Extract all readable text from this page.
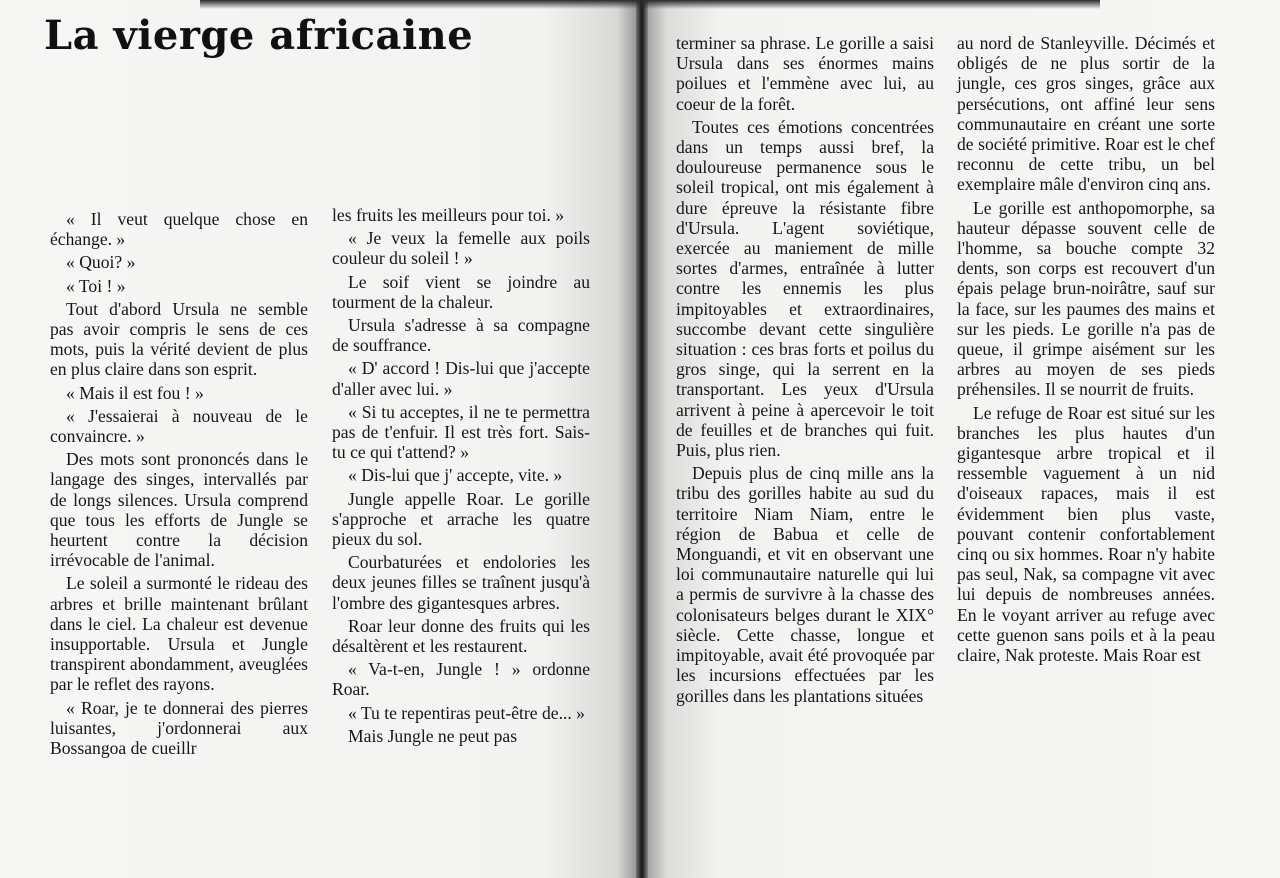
La vierge africaine

« Il veut quelque chose en échange. »

« Quoi? »

« Toi ! »

Tout d'abord Ursula ne semble pas avoir compris le sens de ces mots, puis la vérité devient de plus en plus claire dans son esprit.

« Mais il est fou ! »

« J'essaierai à nouveau de le convaincre. »

Des mots sont prononcés dans le langage des singes, intervallés par de longs silences. Ursula comprend que tous les efforts de Jungle se heurtent contre la décision irrévocable de l'animal.

Le soleil a surmonté le rideau des arbres et brille maintenant brûlant dans le ciel. La chaleur est devenue insupportable. Ursula et Jungle transpirent abondamment, aveuglées par le reflet des rayons.

« Roar, je te donnerai des pierres luisantes, j'ordonnerai aux Bossangoa de cueillr

les fruits les meilleurs pour toi. »

« Je veux la femelle aux poils couleur du soleil ! »

Le soif vient se joindre au tourment de la chaleur.

Ursula s'adresse à sa compagne de souffrance.

« D' accord ! Dis-lui que j'accepte d'aller avec lui. »

« Si tu acceptes, il ne te permettra pas de t'enfuir. Il est très fort. Sais-tu ce qui t'attend? »

« Dis-lui que j' accepte, vite. »

Jungle appelle Roar. Le gorille s'approche et arrache les quatre pieux du sol.

Courbaturées et endolories les deux jeunes filles se traînent jusqu'à l'ombre des gigantesques arbres.

Roar leur donne des fruits qui les désaltèrent et les restaurent.

« Va-t-en, Jungle ! » ordonne Roar.

« Tu te repentiras peut-être de... »

Mais Jungle ne peut pas

terminer sa phrase. Le gorille a saisi Ursula dans ses énormes mains poilues et l'emmène avec lui, au coeur de la forêt.

Toutes ces émotions concentrées dans un temps aussi bref, la douloureuse permanence sous le soleil tropical, ont mis également à dure épreuve la résistante fibre d'Ursula. L'agent soviétique, exercée au maniement de mille sortes d'armes, entraînée à lutter contre les ennemis les plus impitoyables et extraordinaires, succombe devant cette singulière situation : ces bras forts et poilus du gros singe, qui la serrent en la transportant. Les yeux d'Ursula arrivent à peine à apercevoir le toit de feuilles et de branches qui fuit. Puis, plus rien.

Depuis plus de cinq mille ans la tribu des gorilles habite au sud du territoire Niam Niam, entre le région de Babua et celle de Monguandi, et vit en observant une loi communautaire naturelle qui lui a permis de survivre à la chasse des colonisateurs belges durant le XIX° siècle. Cette chasse, longue et impitoyable, avait été provoquée par les incursions effectuées par les gorilles dans les plantations situées

au nord de Stanleyville. Décimés et obligés de ne plus sortir de la jungle, ces gros singes, grâce aux persécutions, ont affiné leur sens communautaire en créant une sorte de société primitive. Roar est le chef reconnu de cette tribu, un bel exemplaire mâle d'environ cinq ans.

Le gorille est anthopomorphe, sa hauteur dépasse souvent celle de l'homme, sa bouche compte 32 dents, son corps est recouvert d'un épais pelage brun-noirâtre, sauf sur la face, sur les paumes des mains et sur les pieds. Le gorille n'a pas de queue, il grimpe aisément sur les arbres au moyen de ses pieds préhensiles. Il se nourrit de fruits.

Le refuge de Roar est situé sur les branches les plus hautes d'un gigantesque arbre tropical et il ressemble vaguement à un nid d'oiseaux rapaces, mais il est évidemment bien plus vaste, pouvant contenir confortablement cinq ou six hommes. Roar n'y habite pas seul, Nak, sa compagne vit avec lui depuis de nombreuses années. En le voyant arriver au refuge avec cette guenon sans poils et à la peau claire, Nak proteste. Mais Roar est
